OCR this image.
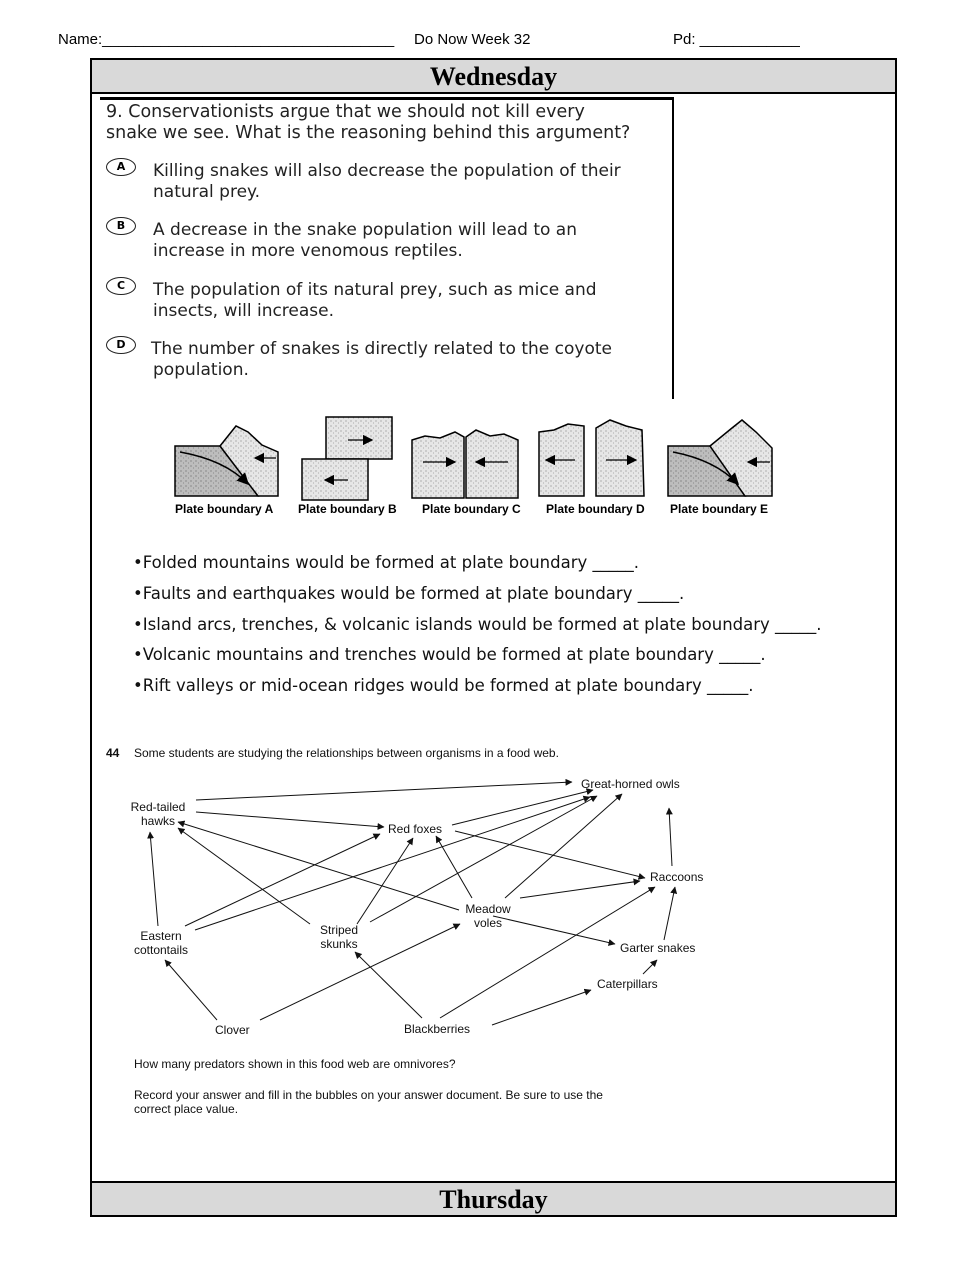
Name:___________________________________ Do Now Week 32	Pd: ____________
Wednesday
Thursday
9. Conservationists argue that we should not kill every
snake we see. What is the reasoning behind this argument?
A	Killing snakes will also decrease the population of their
natural prey.
B	A decrease in the snake population will lead to an
increase in more venomous reptiles.
C	The population of its natural prey, such as mice and
insects, will increase.
D	The number of snakes is directly related to the coyote
population.
Plate boundary A Plate boundary B Plate boundary C Plate boundary D Plate boundary E
•Folded mountains would be formed at plate boundary _____.
•Faults and earthquakes would be formed at plate boundary _____.
•Island arcs, trenches, & volcanic islands would be formed at plate boundary _____.
•Volcanic mountains and trenches would be formed at plate boundary _____.
•Rift valleys or mid-ocean ridges would be formed at plate boundary _____.
44 Some students are studying the relationships between organisms in a food web.
Red-tailed
hawks
Great-horned owls
Red foxes
Raccoons
Meadow
voles
Striped
skunks
Eastern
cottontails	Garter snakes
Caterpillars
Clover	Blackberries
How many predators shown in this food web are omnivores?
Record your answer and fill in the bubbles on your answer document. Be sure to use the
correct place value.
